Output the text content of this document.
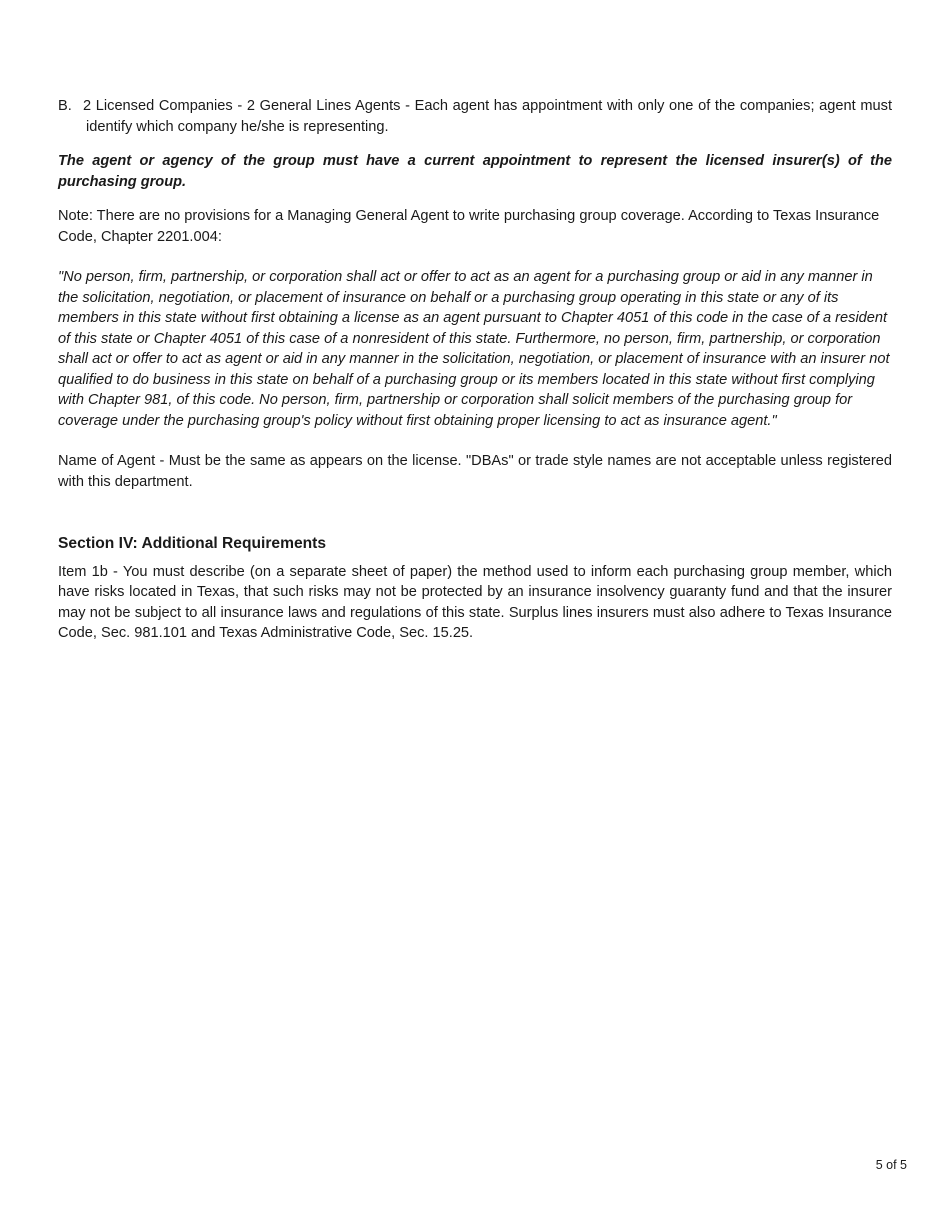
B. 2 Licensed Companies - 2 General Lines Agents - Each agent has appointment with only one of the companies; agent must identify which company he/she is representing.

The agent or agency of the group must have a current appointment to represent the licensed insurer(s) of the purchasing group.

Note: There are no provisions for a Managing General Agent to write purchasing group coverage. According to Texas Insurance Code, Chapter 2201.004:

"No person, firm, partnership, or corporation shall act or offer to act as an agent for a purchasing group or aid in any manner in the solicitation, negotiation, or placement of insurance on behalf or a purchasing group operating in this state or any of its members in this state without first obtaining a license as an agent pursuant to Chapter 4051 of this code in the case of a resident of this state or Chapter 4051 of this case of a nonresident of this state. Furthermore, no person, firm, partnership, or corporation shall act or offer to act as agent or aid in any manner in the solicitation, negotiation, or placement of insurance with an insurer not qualified to do business in this state on behalf of a purchasing group or its members located in this state without first complying with Chapter 981, of this code. No person, firm, partnership or corporation shall solicit members of the purchasing group for coverage under the purchasing group's policy without first obtaining proper licensing to act as insurance agent."

Name of Agent - Must be the same as appears on the license. "DBAs" or trade style names are not acceptable unless registered with this department.

Section IV: Additional Requirements

Item 1b - You must describe (on a separate sheet of paper) the method used to inform each purchasing group member, which have risks located in Texas, that such risks may not be protected by an insurance insolvency guaranty fund and that the insurer may not be subject to all insurance laws and regulations of this state. Surplus lines insurers must also adhere to Texas Insurance Code, Sec. 981.101 and Texas Administrative Code, Sec. 15.25.

5 of 5
